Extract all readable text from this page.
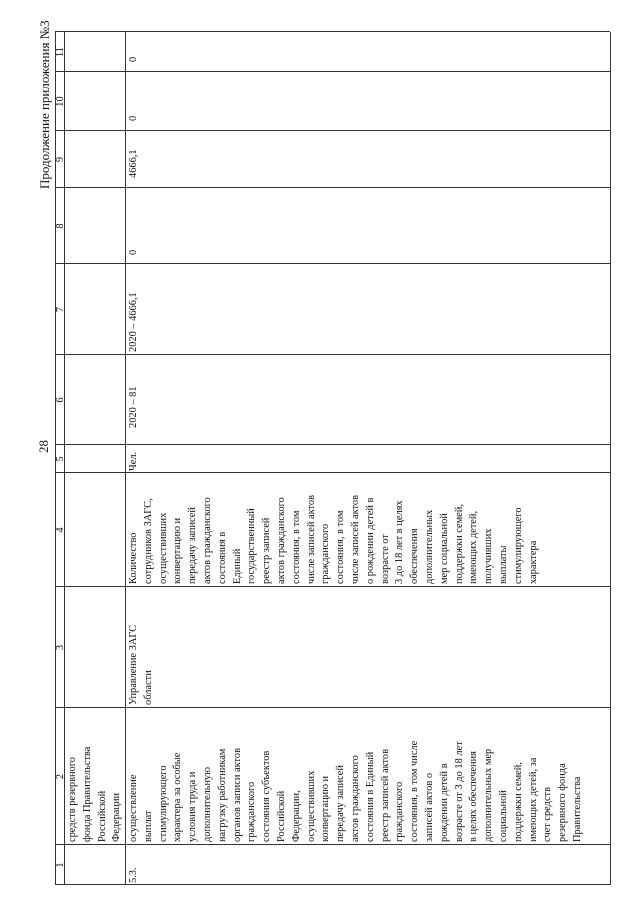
28
Продолжение приложения №3
1
2
3
4
5
6
7
8
9
10
11
средств резервного фонда Правительства Российской Федерации
5.3.
осуществление выплат стимулирующего характера за особые условия труда и дополнительную нагрузку работникам органов записи актов гражданского состояния субъектов Российской Федерации, осуществивших конвертацию и передачу записей актов гражданского состояния в Единый реестр записей актов гражданского состояния, в том числе записей актов о рождении детей в возрасте от 3 до 18 лет в целях обеспечения дополнительных мер социальной поддержки семей, имеющих детей, за счет средств резервного фонда Правительства
Управление ЗАГС области
Количество сотрудников ЗАГС, осуществивших конвертацию и передачу записей актов гражданского состояния в Единый государственный реестр записей актов гражданского состояния, в том числе записей актов гражданского состояния, в том числе записей актов о рождении детей в возрасте от 3 до 18 лет в целях обеспечения дополнительных мер социальной поддержки семей, имеющих детей, получивших выплаты стимулирующего характера
Чел.
2020 – 81
2020 – 4666,1
0
4666,1
0
0
